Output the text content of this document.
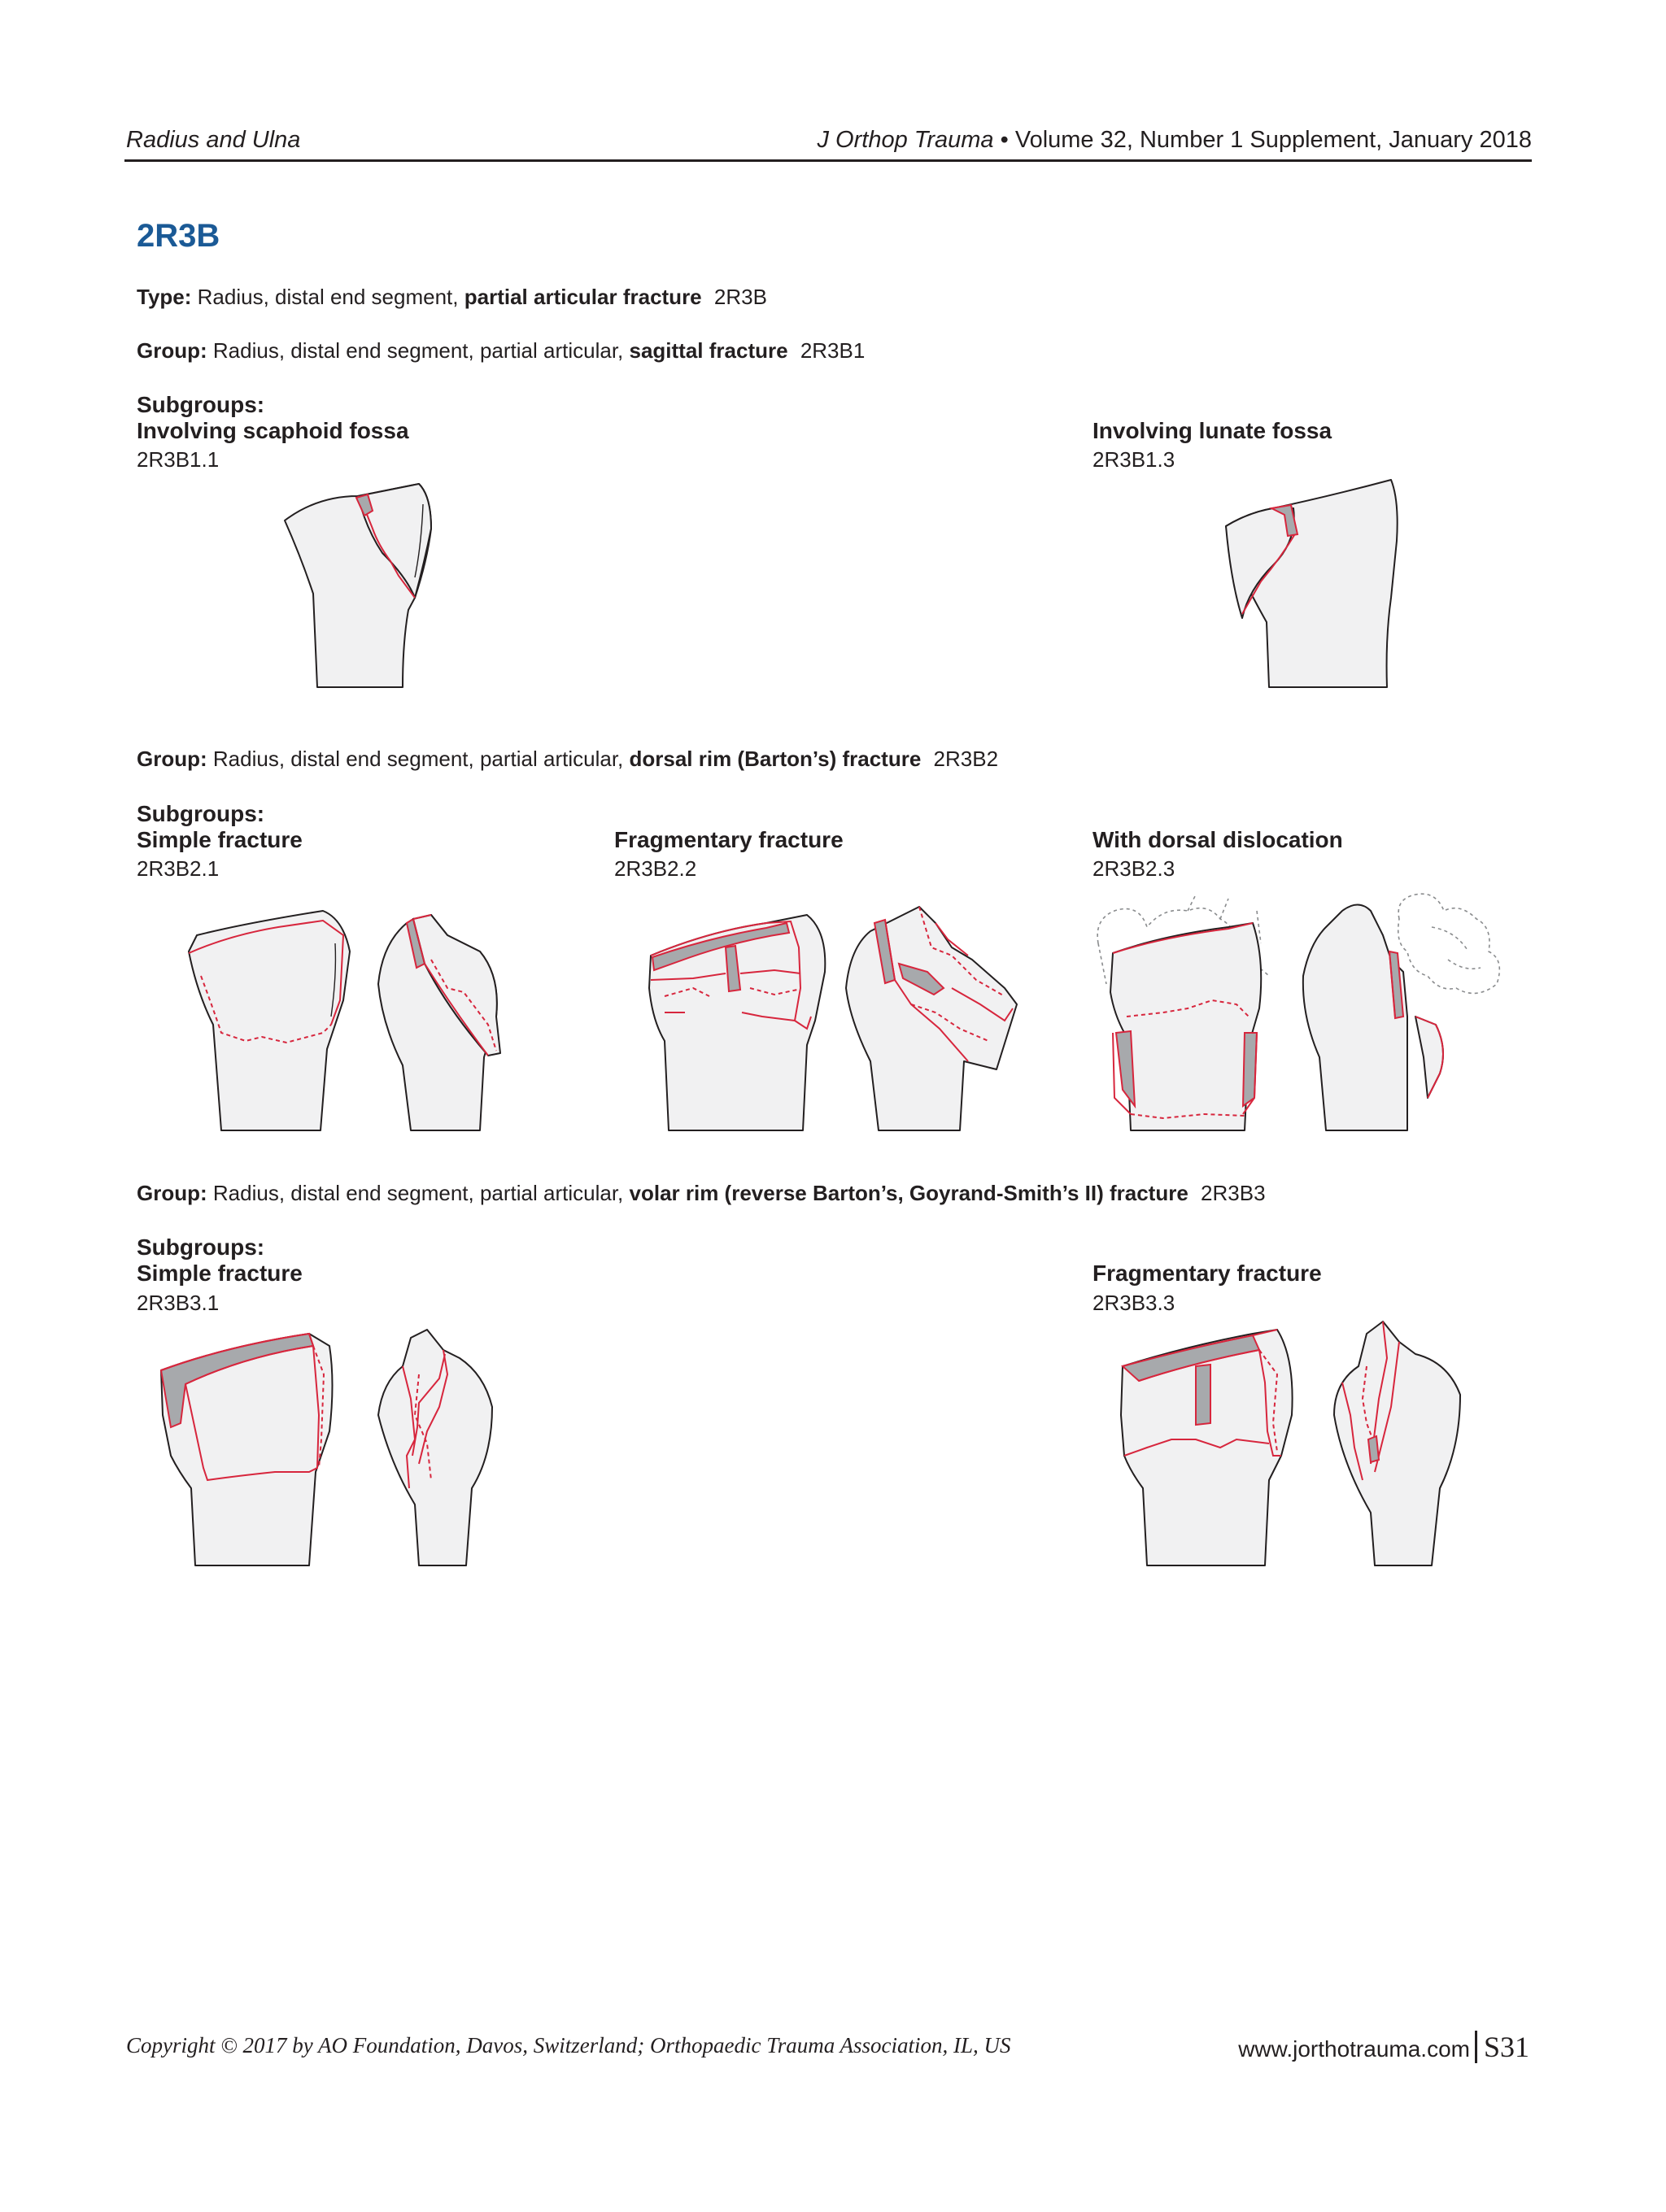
Radius and Ulna	J Orthop Trauma • Volume 32, Number 1 Supplement, January 2018
2R3B
Type: Radius, distal end segment, partial articular fracture 2R3B
Group: Radius, distal end segment, partial articular, sagittal fracture 2R3B1
Subgroups:
Involving scaphoid fossa
2R3B1.1
Involving lunate fossa
2R3B1.3
Group: Radius, distal end segment, partial articular, dorsal rim (Barton’s) fracture 2R3B2
Subgroups:
Simple fracture
2R3B2.1
Fragmentary fracture
2R3B2.2
With dorsal dislocation
2R3B2.3
Group: Radius, distal end segment, partial articular, volar rim (reverse Barton’s, Goyrand-Smith’s II) fracture 2R3B3
Subgroups:
Simple fracture
2R3B3.1
Fragmentary fracture
2R3B3.3
Copyright © 2017 by AO Foundation, Davos, Switzerland; Orthopaedic Trauma Association, IL, US	www.jorthotrauma.com S31
